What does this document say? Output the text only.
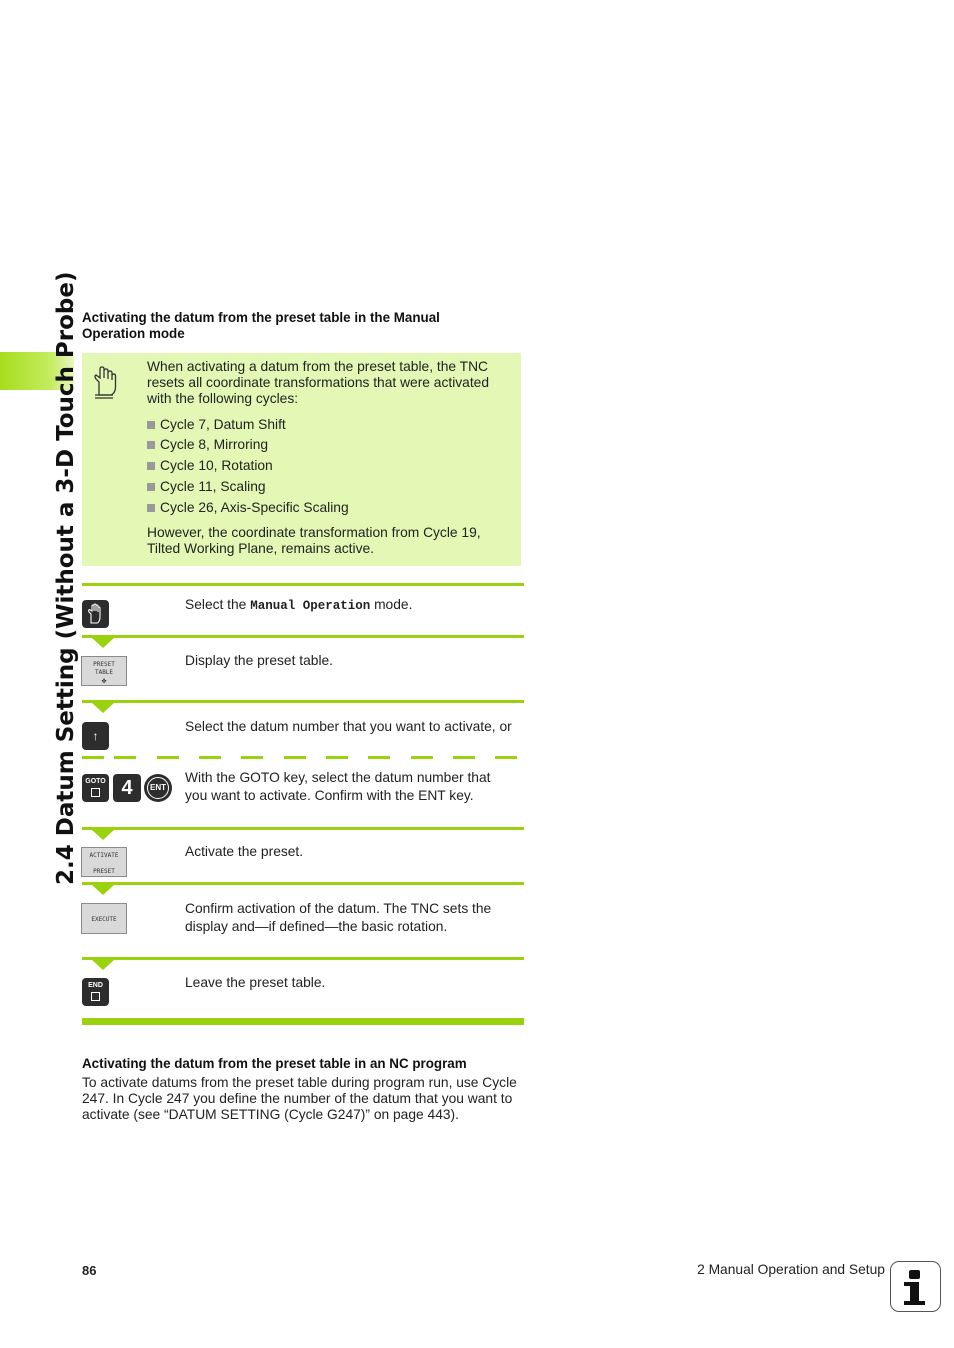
2.4 Datum Setting (Without a 3-D Touch Probe) Activating the datum from the preset table in the Manual Operation mode
When activating a datum from the preset table, the TNC resets all coordinate transformations that were activated with the following cycles:
Cycle 7, Datum Shift
Cycle 8, Mirroring
Cycle 10, Rotation
Cycle 11, Scaling
Cycle 26, Axis-Specific Scaling
However, the coordinate transformation from Cycle 19, Tilted Working Plane, remains active.
Select the Manual Operation mode.
PRESET
TABLE
✤
Display the preset table.
↑
Select the datum number that you want to activate, or
GOTO 4	ENT
With the GOTO key, select the datum number that you want to activate. Confirm with the ENT key.
ACTIVATE
PRESET
Activate the preset.
EXECUTE
Confirm activation of the datum. The TNC sets the display and—if defined—the basic rotation.
END	Leave the preset table.
Activating the datum from the preset table in an NC program
To activate datums from the preset table during program run, use Cycle 247. In Cycle 247 you define the number of the datum that you want to activate (see “DATUM SETTING (Cycle G247)” on page 443).
86	2 Manual Operation and Setup
